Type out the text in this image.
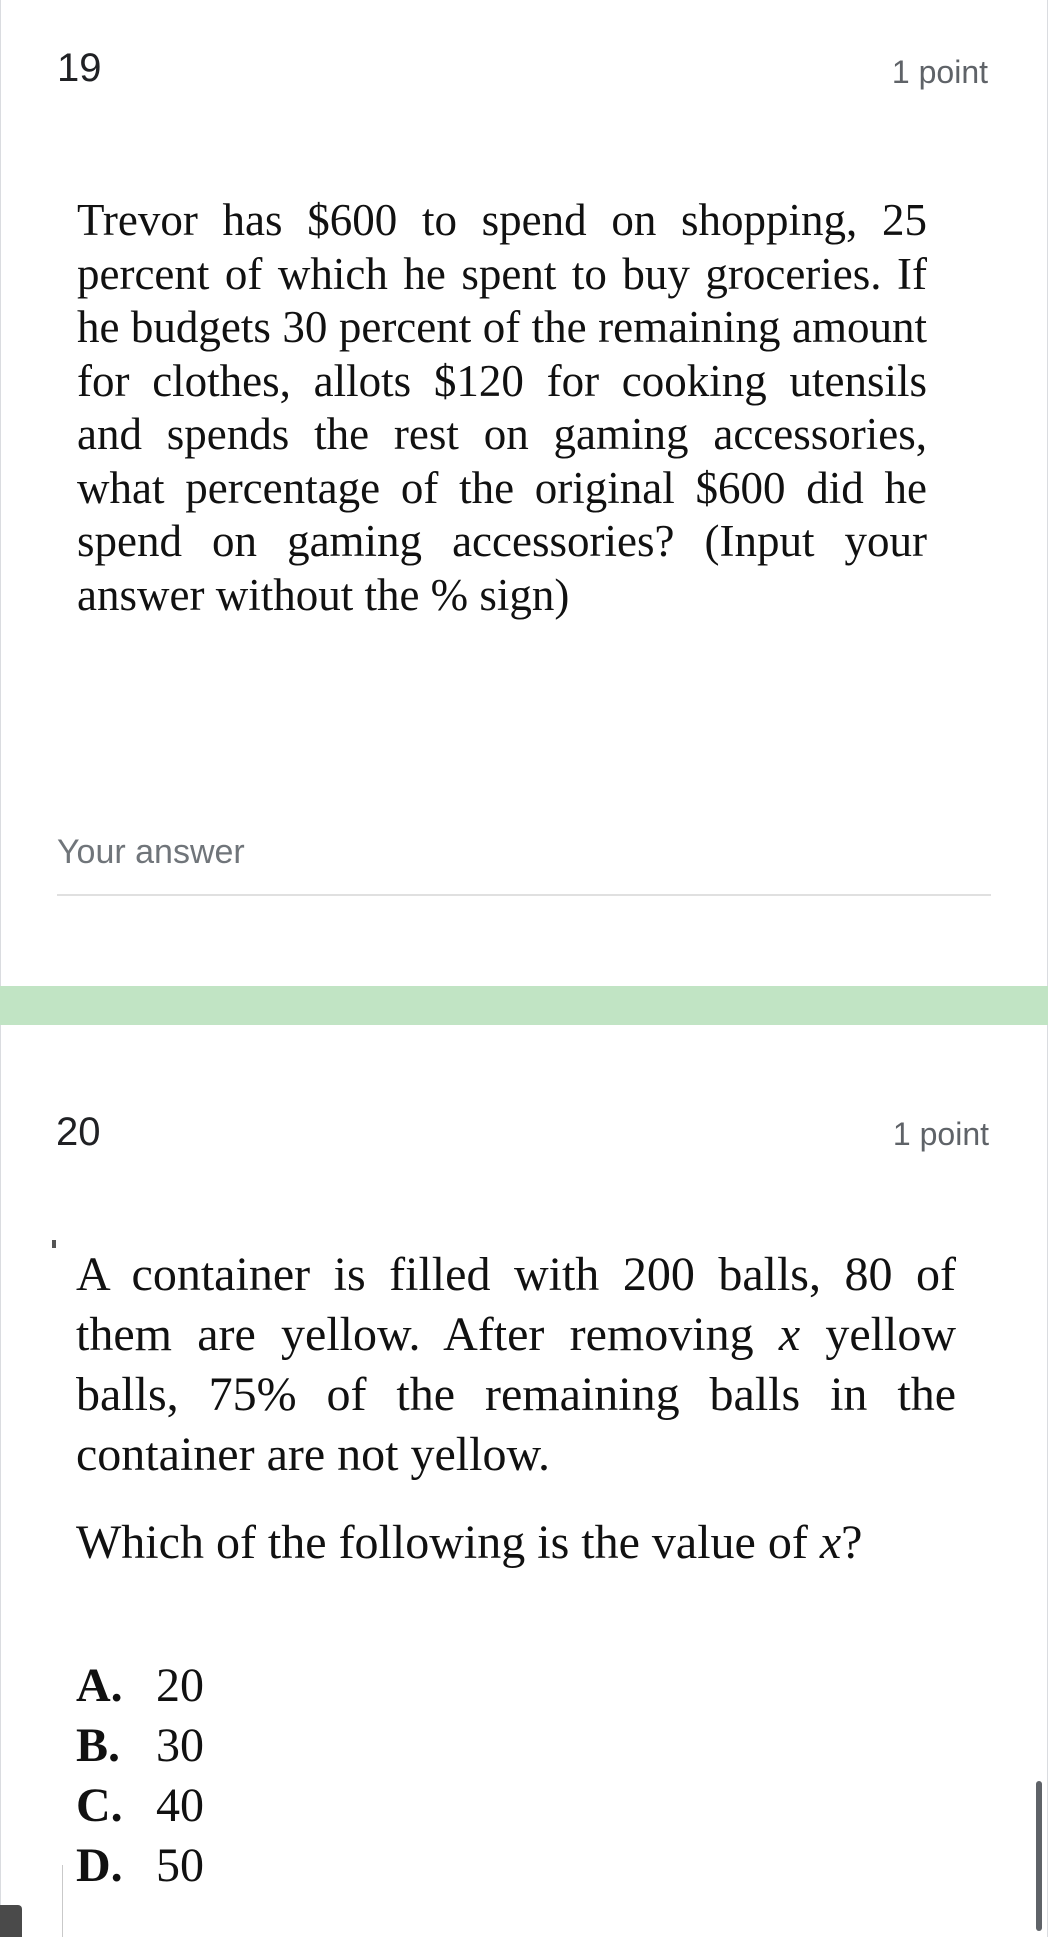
19	1 point
Trevor has $600 to spend on shopping, 25 percent of which he spent to buy groceries. If he budgets 30 percent of the remaining amount for clothes, allots $120 for cooking utensils and spends the rest on gaming accessories, what percentage of the original $600 did he spend on gaming accessories? (Input your answer without the % sign)
Your answer
20	1 point
A container is filled with 200 balls, 80 of them are yellow. After removing x yellow balls, 75% of the remaining balls in the container are not yellow.
Which of the following is the value of x?
A. 20
B. 30
C. 40
D. 50
